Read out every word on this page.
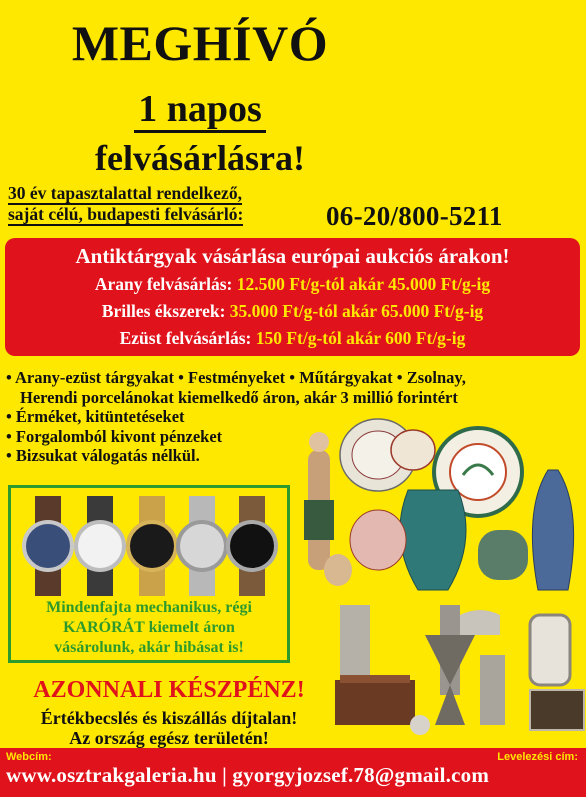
MEGHÍVÓ
1 napos
felvásárlásra!
30 év tapasztalattal rendelkező,
saját célú, budapesti felvásárló:	06-20/800-5211
Antiktárgyak vásárlása európai aukciós árakon!
Arany felvásárlás: 12.500 Ft/g-tól akár 45.000 Ft/g-ig
Brilles ékszerek: 35.000 Ft/g-tól akár 65.000 Ft/g-ig
Ezüst felvásárlás: 150 Ft/g-tól akár 600 Ft/g-ig
• Arany-ezüst tárgyakat • Festményeket • Műtárgyakat • Zsolnay,
Herendi porcelánokat kiemelkedő áron, akár 3 millió forintért
• Érméket, kitüntetéseket
• Forgalomból kivont pénzeket
• Bizsukat válogatás nélkül.
Mindenfajta mechanikus, régi
KARÓRÁT kiemelt áron
vásárolunk, akár hibásat is!
AZONNALI KÉSZPÉNZ!
Értékbecslés és kiszállás díjtalan!
Az ország egész területén!
Webcím:	Levelezési cím:
www.osztrakgaleria.hu | gyorgyjozsef.78@gmail.com
